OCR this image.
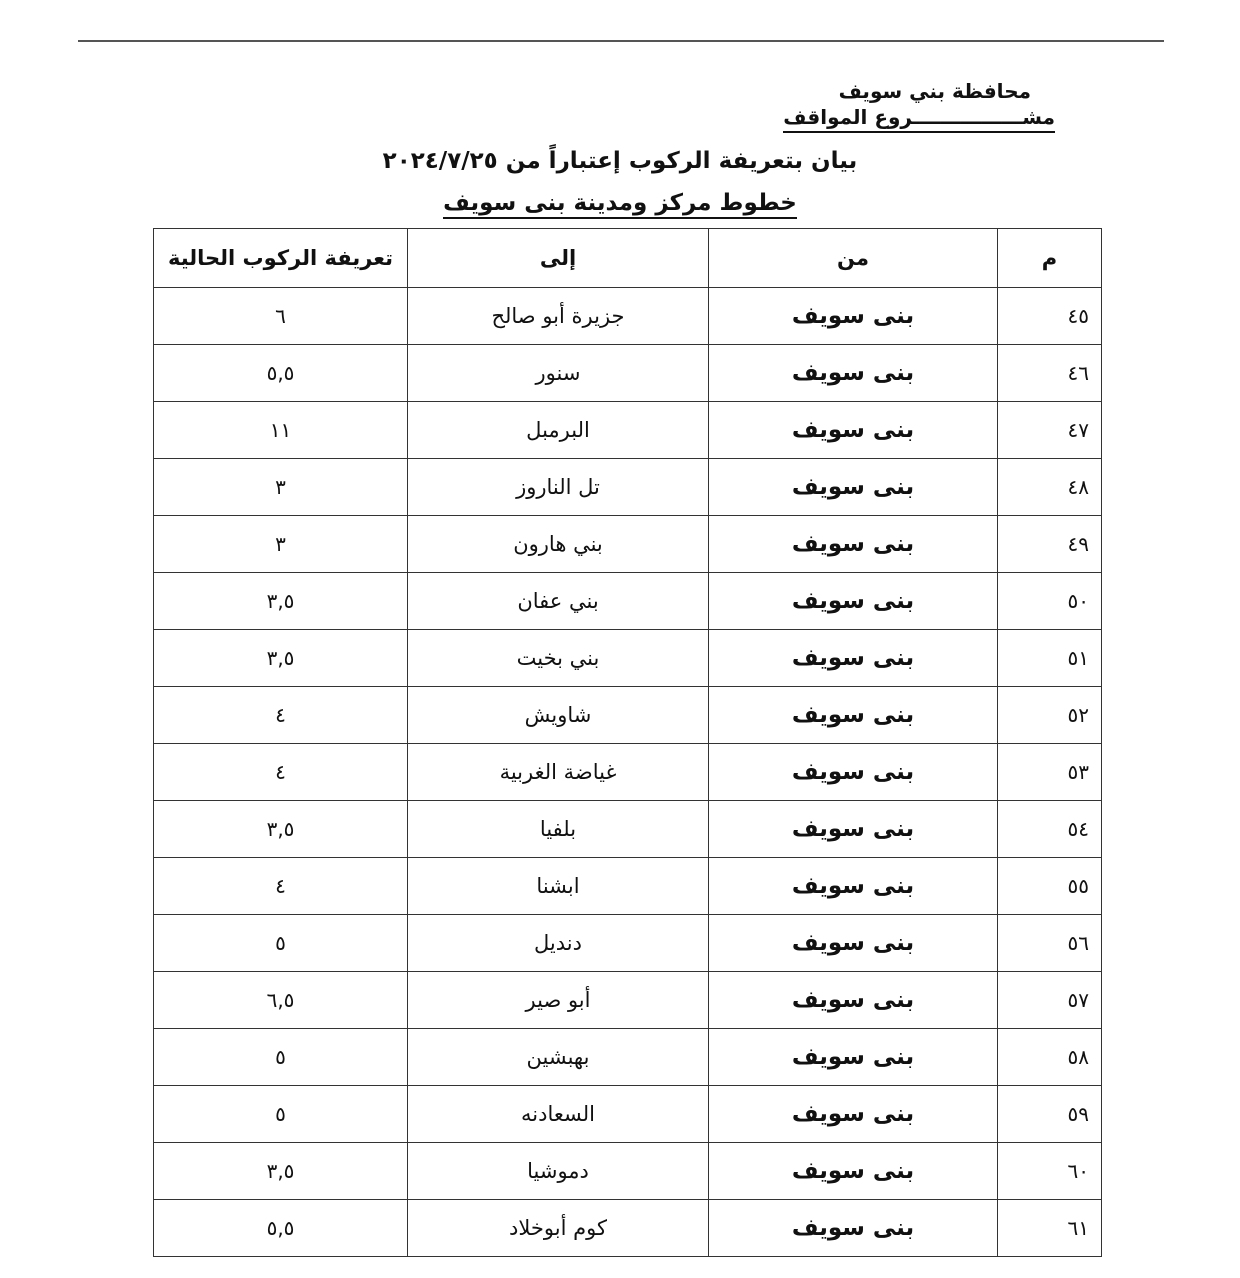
محافظة بني سويف
مشــــــــــــــــروع المواقف
بيان بتعريفة الركوب إعتباراً من ٢٠٢٤/٧/٢٥
خطوط مركز ومدينة بنى سويف
م	من	إلى	تعريفة الركوب الحالية
٤٥	بنى سويف	جزيرة أبو صالح	٦
٤٦	بنى سويف	سنور	٥,٥
٤٧	بنى سويف	البرمبل	١١
٤٨	بنى سويف	تل الناروز	٣
٤٩	بنى سويف	بني هارون	٣
٥٠	بنى سويف	بني عفان	٣,٥
٥١	بنى سويف	بني بخيت	٣,٥
٥٢	بنى سويف	شاويش	٤
٥٣	بنى سويف	غياضة الغربية	٤
٥٤	بنى سويف	بلفيا	٣,٥
٥٥	بنى سويف	ابشنا	٤
٥٦	بنى سويف	دنديل	٥
٥٧	بنى سويف	أبو صير	٦,٥
٥٨	بنى سويف	بهبشين	٥
٥٩	بنى سويف	السعادنه	٥
٦٠	بنى سويف	دموشيا	٣,٥
٦١	بنى سويف	كوم أبوخلاد	٥,٥
